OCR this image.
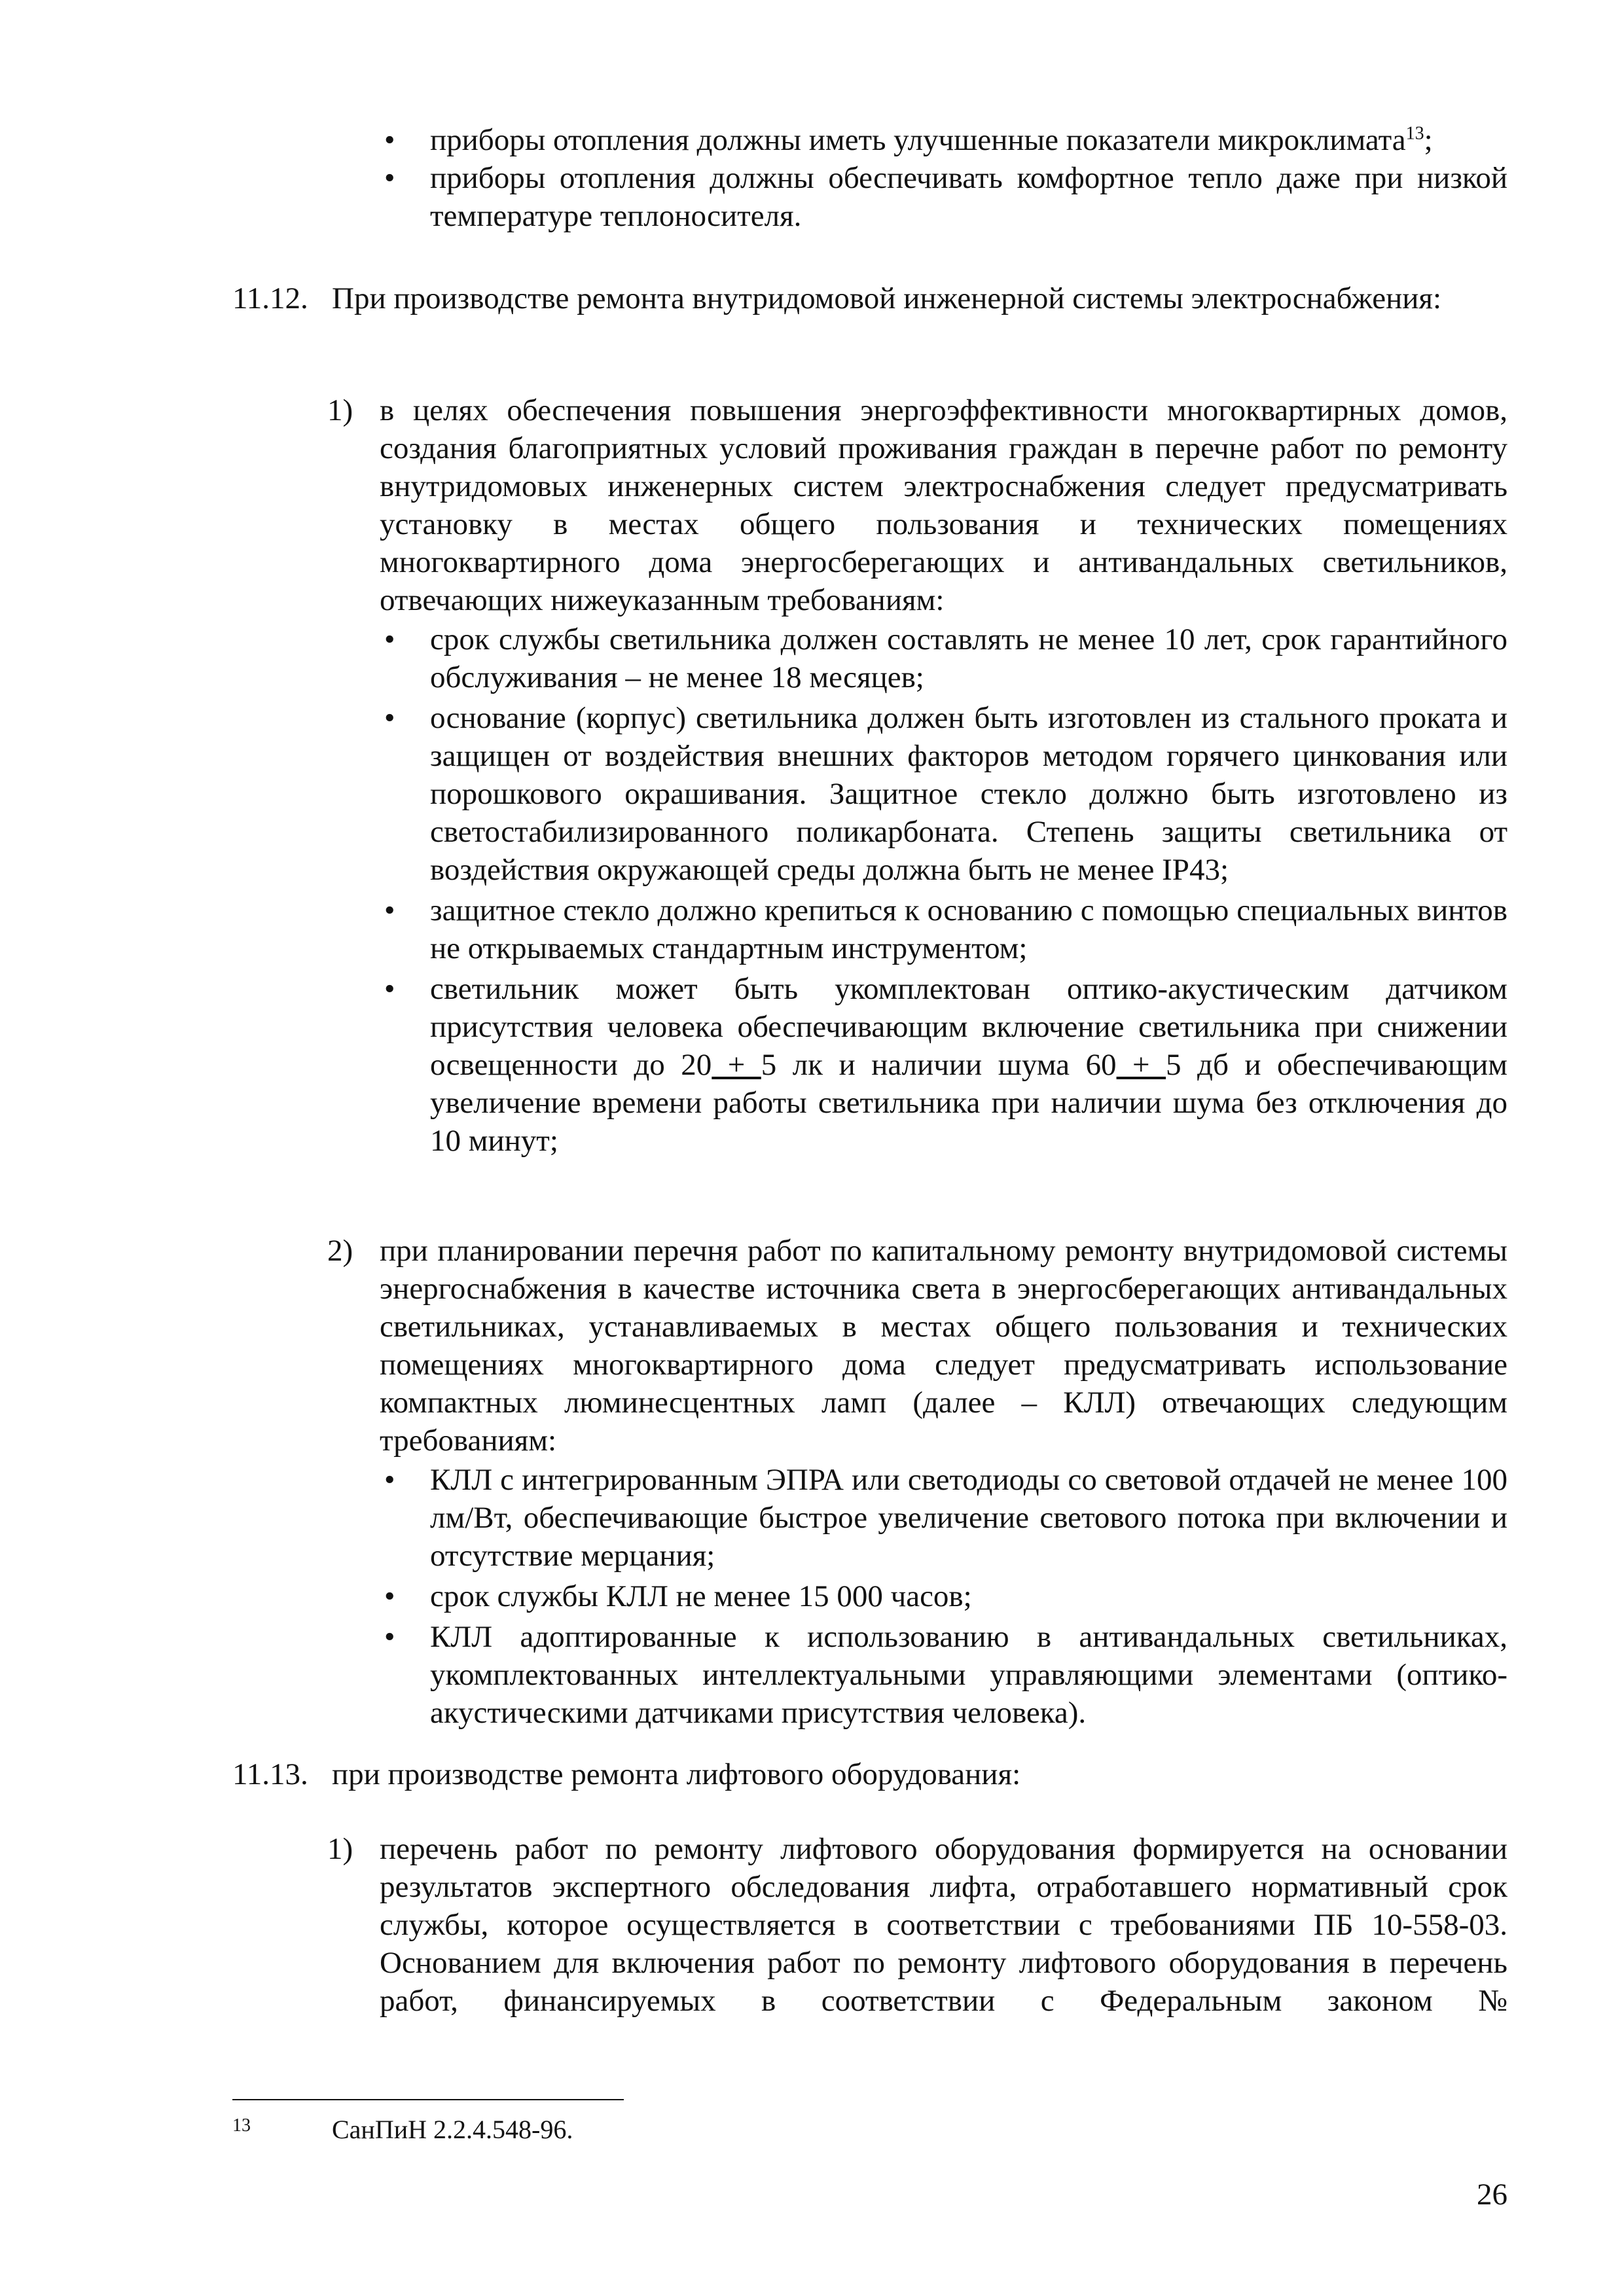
•	приборы отопления должны иметь улучшенные показатели микроклимата$^{13}$;
•	приборы отопления должны обеспечивать комфортное тепло даже при низкой температуре теплоносителя.
11.12. При производстве ремонта внутридомовой инженерной системы электроснабжения:
1) в целях обеспечения повышения энергоэффективности многоквартирных домов, создания благоприятных условий проживания граждан в перечне работ по ремонту внутридомовых инженерных систем электроснабжения следует предусматривать установку в местах общего пользования и технических помещениях многоквартирного дома энергосберегающих и антивандальных светильников, отвечающих нижеуказанным требованиям:
•	срок службы светильника должен составлять не менее 10 лет, срок гарантийного обслуживания – не менее 18 месяцев;
•	основание (корпус) светильника должен быть изготовлен из стального проката и защищен от воздействия внешних факторов методом горячего цинкования или порошкового окрашивания. Защитное стекло должно быть изготовлено из светостабилизированного поликарбоната. Степень защиты светильника от воздействия окружающей среды должна быть не менее IP43;
•	защитное стекло должно крепиться к основанию с помощью специальных винтов не открываемых стандартным инструментом;
•	светильник может быть укомплектован оптико-акустическим датчиком присутствия человека обеспечивающим включение светильника при снижении освещенности до 20 + 5 лк и наличии шума 60 + 5 дб и обеспечивающим увеличение времени работы светильника при наличии шума без отключения до 10 минут;
2) при планировании перечня работ по капитальному ремонту внутридомовой системы энергоснабжения в качестве источника света в энергосберегающих антивандальных светильниках, устанавливаемых в местах общего пользования и технических помещениях многоквартирного дома следует предусматривать использование компактных люминесцентных ламп (далее – КЛЛ) отвечающих следующим требованиям:
•	КЛЛ с интегрированным ЭПРА или светодиоды со световой отдачей не менее 100 лм/Вт, обеспечивающие быстрое увеличение светового потока при включении и отсутствие мерцания;
•	срок службы КЛЛ не менее 15 000 часов;
•	КЛЛ адоптированные к использованию в антивандальных светильниках, укомплектованных интеллектуальными управляющими элементами (оптико-акустическими датчиками присутствия человека).
11.13. при производстве ремонта лифтового оборудования:
1) перечень работ по ремонту лифтового оборудования формируется на основании результатов экспертного обследования лифта, отработавшего нормативный срок службы, которое осуществляется в соответствии с требованиями ПБ 10-558-03. Основанием для включения работ по ремонту лифтового оборудования в перечень работ, финансируемых в соответствии с Федеральным законом №
13	СанПиН 2.2.4.548-96.
26
